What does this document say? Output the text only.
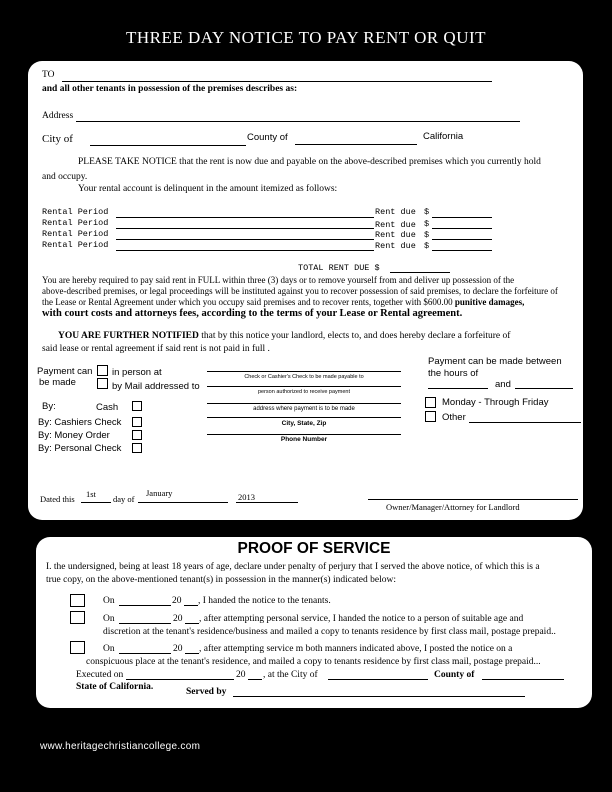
THREE DAY NOTICE TO PAY RENT OR QUIT
TO
and all other tenants in possession of the premises describes as:
Address
City of	County of	California
PLEASE TAKE NOTICE that the rent is now due and payable on the above-described premises which you currently hold
and occupy.
Your rental account is delinquent in the amount itemized as follows:
Rental Period	Rent due $
Rental Period	Rent due $
Rental Period	Rent due $
Rental Period	Rent due $
TOTAL RENT DUE $
You are hereby required to pay said rent in FULL within three (3) days or to remove yourself from and deliver up possession of the
above-described premises, or legal proceedings will be instituted against you to recover possession of said premises, to declare the forfeiture of
the Lease or Rental Agreement under which you occupy said premises and to recover rents, together with $600.00 punitive damages,
with court costs and attorneys fees, according to the terms of your Lease or Rental agreement.
YOU ARE FURTHER NOTIFIED that by this notice your landlord, elects to, and does hereby declare a forfeiture of
said lease or rental agreement if said rent is not paid in full .
Payment can
be made
in person at
by Mail addressed to
By:	Cash
By: Cashiers Check
By: Money Order
By: Personal Check
Check or Cashier's Check to be made payable to
person authorized to receive payment
address where payment is to be made
City, State, Zip
Phone Number
Payment can be made between
the hours of
and
Monday - Through Friday
Other
Dated this 1st day of
January	2013
Owner/Manager/Attorney for Landlord
PROOF OF SERVICE
I. the undersigned, being at least 18 years of age, declare under penalty of perjury that I served the above notice, of which this is a
true copy, on the above-mentioned tenant(s) in possession in the manner(s) indicated below:
On	20 , I handed the notice to the tenants.
On	20 , after attempting personal service, I handed the notice to a person of suitable age and
discretion at the tenant's residence/business and mailed a copy to tenants residence by first class mail, postage prepaid..
On	20 , after attempting service m both manners indicated above, I posted the notice on a
conspicuous place at the tenant's residence, and mailed a copy to tenants residence by first class mail, postage prepaid...
Executed on	20 , at the City of	County of
State of California.	Served by
www.heritagechristiancollege.com
